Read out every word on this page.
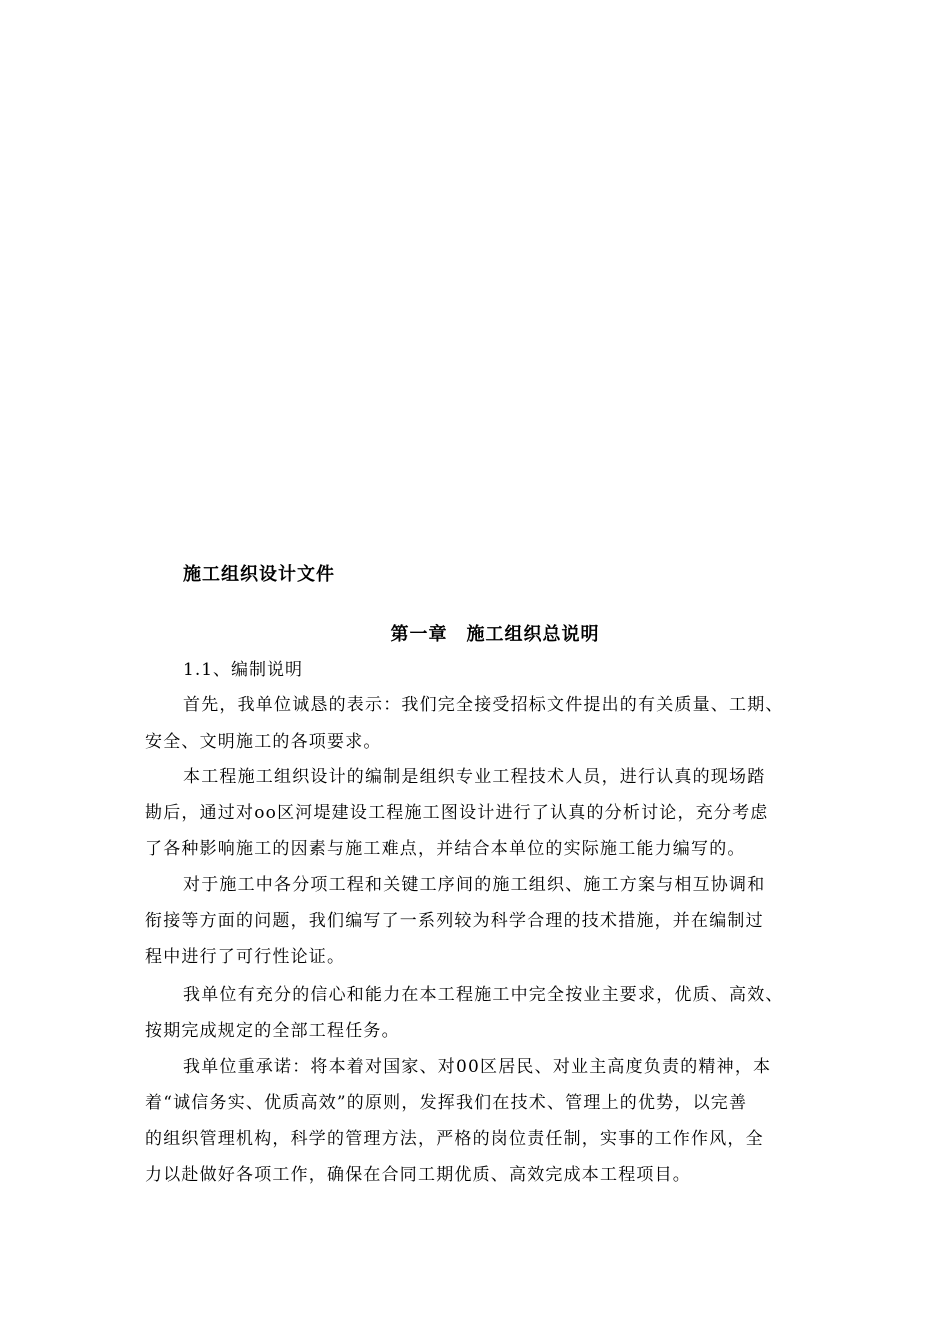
施工组织设计文件
第一章　施工组织总说明
1.1、编制说明
首先，我单位诚恳的表示：我们完全接受招标文件提出的有关质量、工期、
安全、文明施工的各项要求。
本工程施工组织设计的编制是组织专业工程技术人员，进行认真的现场踏
勘后，通过对oo区河堤建设工程施工图设计进行了认真的分析讨论，充分考虑
了各种影响施工的因素与施工难点，并结合本单位的实际施工能力编写的。
对于施工中各分项工程和关键工序间的施工组织、施工方案与相互协调和
衔接等方面的问题，我们编写了一系列较为科学合理的技术措施，并在编制过
程中进行了可行性论证。
我单位有充分的信心和能力在本工程施工中完全按业主要求，优质、高效、
按期完成规定的全部工程任务。
我单位重承诺：将本着对国家、对00区居民、对业主高度负责的精神，本
着“诚信务实、优质高效”的原则，发挥我们在技术、管理上的优势，以完善
的组织管理机构，科学的管理方法，严格的岗位责任制，实事的工作作风，全
力以赴做好各项工作，确保在合同工期优质、高效完成本工程项目。
